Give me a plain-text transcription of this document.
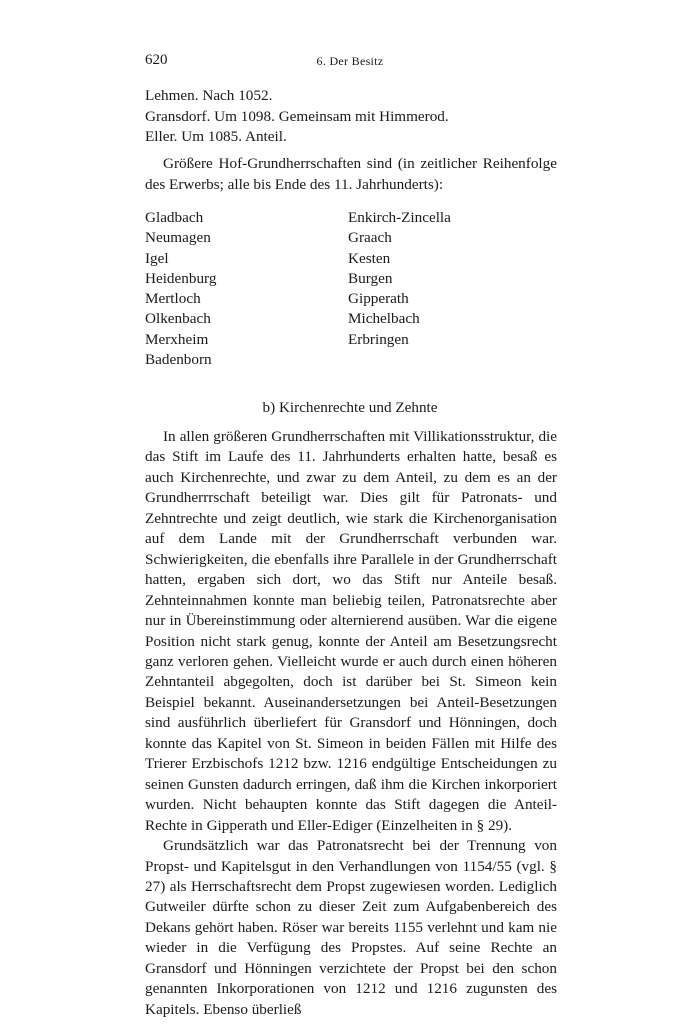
620	6. Der Besitz
Lehmen. Nach 1052.
Gransdorf. Um 1098. Gemeinsam mit Himmerod.
Eller. Um 1085. Anteil.
Größere Hof-Grundherrschaften sind (in zeitlicher Reihenfolge des Erwerbs; alle bis Ende des 11. Jahrhunderts):
Gladbach	Enkirch-Zincella
Neumagen	Graach
Igel	Kesten
Heidenburg	Burgen
Mertloch	Gipperath
Olkenbach	Michelbach
Merxheim	Erbringen
Badenborn
b) Kirchenrechte und Zehnte

In allen größeren Grundherrschaften mit Villikationsstruktur, die das Stift im Laufe des 11. Jahrhunderts erhalten hatte, besaß es auch Kirchenrechte, und zwar zu dem Anteil, zu dem es an der Grundherrrschaft beteiligt war. Dies gilt für Patronats- und Zehntrechte und zeigt deutlich, wie stark die Kirchenorganisation auf dem Lande mit der Grundherrschaft verbunden war. Schwierigkeiten, die ebenfalls ihre Parallele in der Grundherrschaft hatten, ergaben sich dort, wo das Stift nur Anteile besaß. Zehnteinnahmen konnte man beliebig teilen, Patronatsrechte aber nur in Übereinstimmung oder alternierend ausüben. War die eigene Position nicht stark genug, konnte der Anteil am Besetzungsrecht ganz verloren gehen. Vielleicht wurde er auch durch einen höheren Zehntanteil abgegolten, doch ist darüber bei St. Simeon kein Beispiel bekannt. Auseinandersetzungen bei Anteil-Besetzungen sind ausführlich überliefert für Gransdorf und Hönningen, doch konnte das Kapitel von St. Simeon in beiden Fällen mit Hilfe des Trierer Erzbischofs 1212 bzw. 1216 endgültige Entscheidungen zu seinen Gunsten dadurch erringen, daß ihm die Kirchen inkorporiert wurden. Nicht behaupten konnte das Stift dagegen die Anteil-Rechte in Gipperath und Eller-Ediger (Einzelheiten in § 29).

Grundsätzlich war das Patronatsrecht bei der Trennung von Propst- und Kapitelsgut in den Verhandlungen von 1154/55 (vgl. § 27) als Herrschaftsrecht dem Propst zugewiesen worden. Lediglich Gutweiler dürfte schon zu dieser Zeit zum Aufgabenbereich des Dekans gehört haben. Röser war bereits 1155 verlehnt und kam nie wieder in die Verfügung des Propstes. Auf seine Rechte an Gransdorf und Hönningen verzichtete der Propst bei den schon genannten Inkorporationen von 1212 und 1216 zugunsten des Kapitels. Ebenso überließ
